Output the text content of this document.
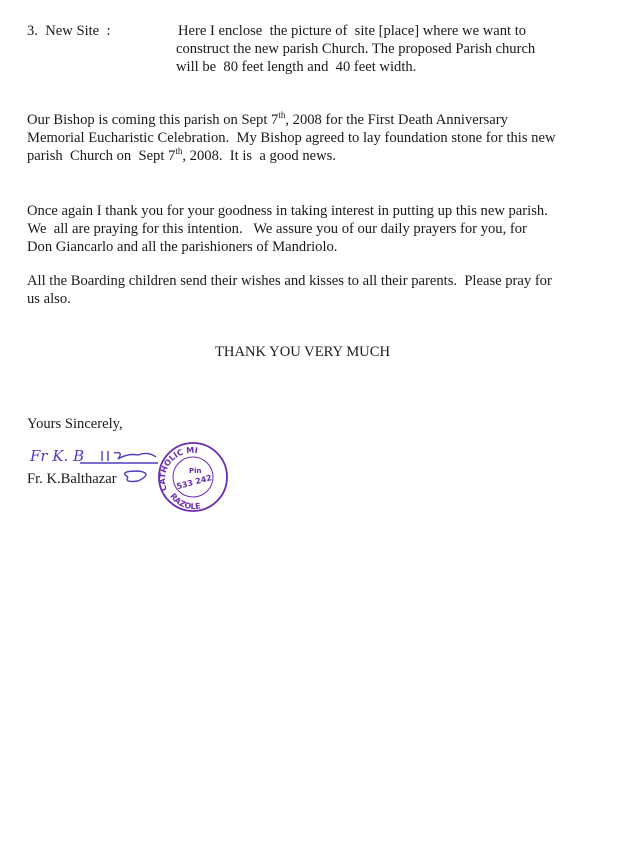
3.  New Site  :	Here I enclose  the picture of  site [place] where we want to
construct the new parish Church. The proposed Parish church
will be  80 feet length and  40 feet width.
Our Bishop is coming this parish on Sept 7th, 2008 for the First Death Anniversary
Memorial Eucharistic Celebration.  My Bishop agreed to lay foundation stone for this new
parish  Church on  Sept 7th, 2008.  It is  a good news.
Once again I thank you for your goodness in taking interest in putting up this new parish.
We  all are praying for this intention.   We assure you of our daily prayers for you, for
Don Giancarlo and all the parishioners of Mandriolo.
All the Boarding children send their wishes and kisses to all their parents.  Please pray for
us also.
THANK YOU VERY MUCH
Yours Sincerely,
Fr K. B
Fr. K.Balthazar
CATHOLIC MI
RAZOLE
Pin
533 242
